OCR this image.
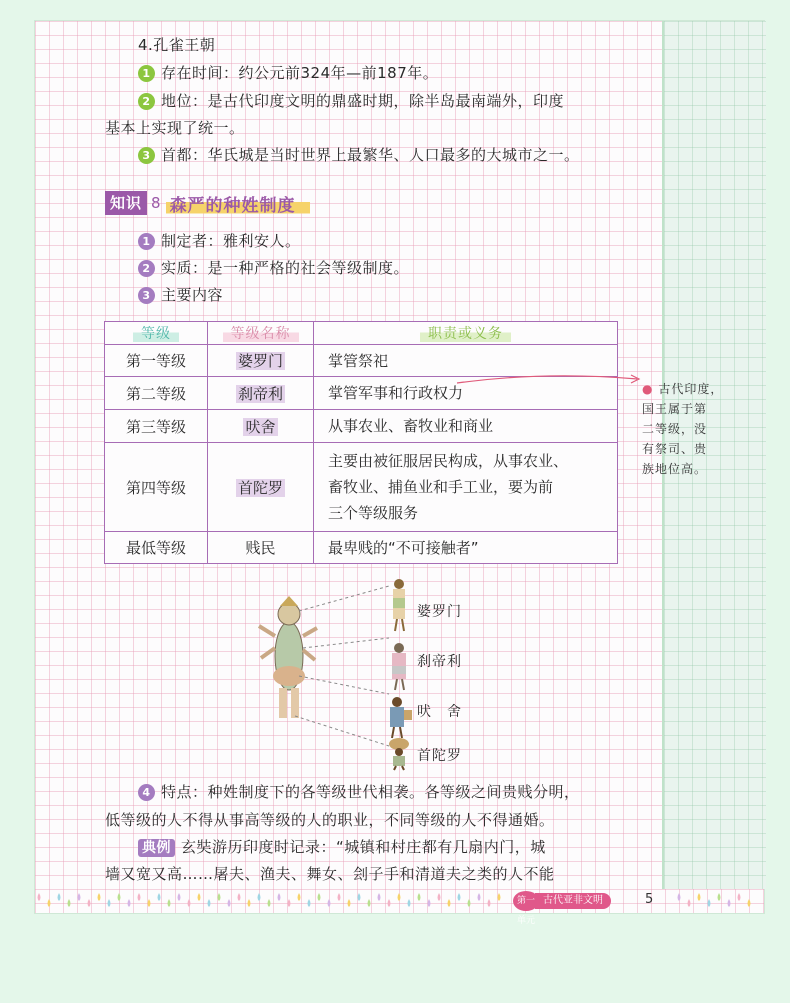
4.孔雀王朝
1 存在时间：约公元前324年—前187年。
2 地位：是古代印度文明的鼎盛时期，除半岛最南端外，印度
基本上实现了统一。
3 首都：华氏城是当时世界上最繁华、人口最多的大城市之一。
知识 8 森严的种姓制度
1 制定者：雅利安人。
2 实质：是一种严格的社会等级制度。
3 主要内容
等级	等级名称	职责或义务
第一等级	婆罗门	掌管祭祀
第二等级	刹帝利	掌管军事和行政权力
第三等级	吠舍	从事农业、畜牧业和商业
第四等级	首陀罗	主要由被征服居民构成，从事农业、
畜牧业、捕鱼业和手工业，要为前
三个等级服务

最低等级	贱民	最卑贱的“不可接触者”
● 古代印度，
国王属于第
二等级，没
有祭司、贵
族地位高。
婆罗门
刹帝利
吠　舍
首陀罗
4 特点：种姓制度下的各等级世代相袭。各等级之间贵贱分明，
低等级的人不得从事高等级的人的职业，不同等级的人不得通婚。
典例 玄奘游历印度时记录：“城镇和村庄都有几扇内门，城
墙又宽又高……屠夫、渔夫、舞女、刽子手和清道夫之类的人不能
第一单元
古代亚非文明	5
